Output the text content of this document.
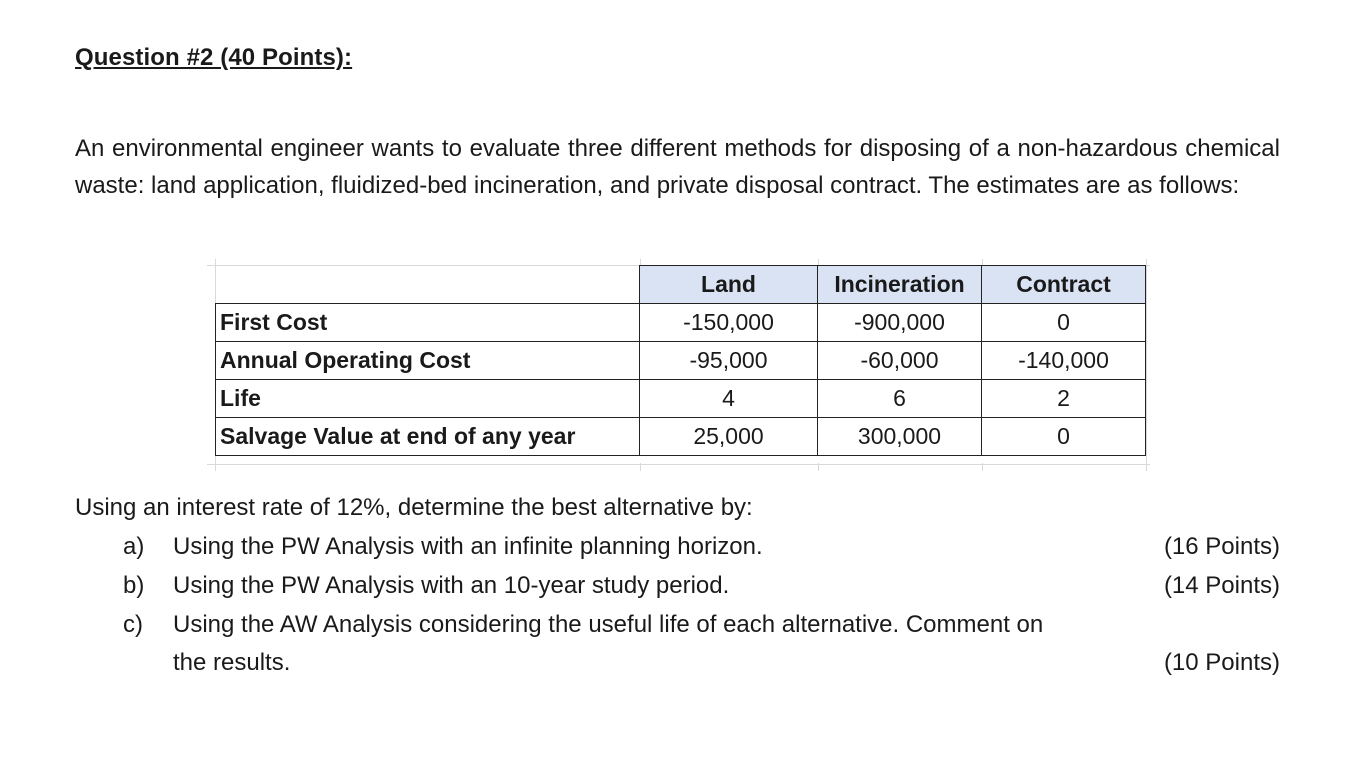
Question #2 (40 Points):
An environmental engineer wants to evaluate three different methods for disposing of a non-hazardous chemical waste: land application, fluidized-bed incineration, and private disposal contract. The estimates are as follows:
	Land	Incineration	Contract
First Cost	-150,000	-900,000	0
Annual Operating Cost	-95,000	-60,000	-140,000
Life	4	6	2
Salvage Value at end of any year	25,000	300,000	0
Using an interest rate of 12%, determine the best alternative by:
a) Using the PW Analysis with an infinite planning horizon.	(16 Points)
b) Using the PW Analysis with an 10-year study period.	(14 Points)
c) Using the AW Analysis considering the useful life of each alternative. Comment on
the results.	(10 Points)
